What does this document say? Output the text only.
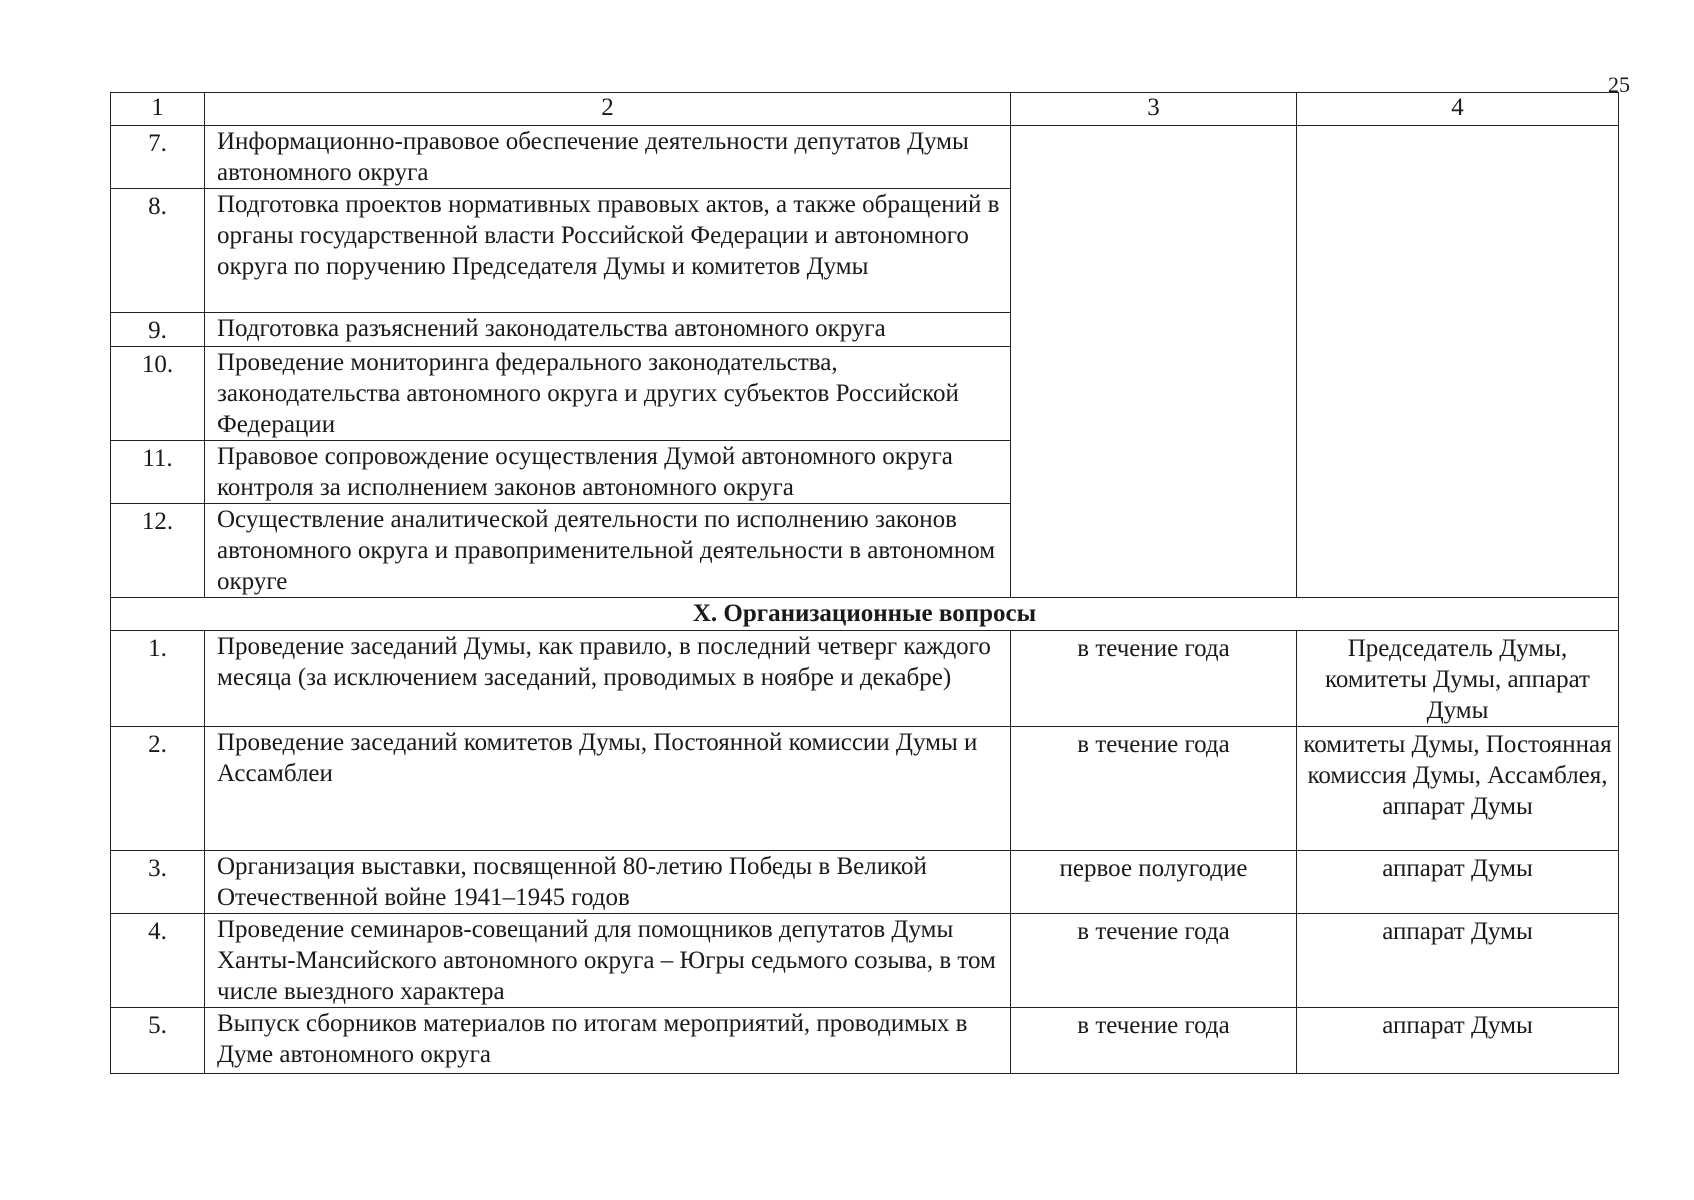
25
1	2	3	4
7.	Информационно-правовое обеспечение деятельности депутатов Думы автономного округа		
8.	Подготовка проектов нормативных правовых актов, а также обращений в органы государственной власти Российской Федерации и автономного округа по поручению Председателя Думы и комитетов Думы		
9.	Подготовка разъяснений законодательства автономного округа		
10.	Проведение мониторинга федерального законодательства, законодательства автономного округа и других субъектов Российской Федерации		
11.	Правовое сопровождение осуществления Думой автономного округа контроля за исполнением законов автономного округа		
12.	Осуществление аналитической деятельности по исполнению законов автономного округа и правоприменительной деятельности в автономном округе		
X. Организационные вопросы			
1.	Проведение заседаний Думы, как правило, в последний четверг каждого месяца (за исключением заседаний, проводимых в ноябре и декабре)	в течение года	Председатель Думы, комитеты Думы, аппарат Думы
2.	Проведение заседаний комитетов Думы, Постоянной комиссии Думы и Ассамблеи	в течение года	комитеты Думы, Постоянная комиссия Думы, Ассамблея, аппарат Думы
3.	Организация выставки, посвященной 80-летию Победы в Великой Отечественной войне 1941–1945 годов	первое полугодие	аппарат Думы
4.	Проведение семинаров-совещаний для помощников депутатов Думы Ханты-Мансийского автономного округа – Югры седьмого созыва, в том числе выездного характера	в течение года	аппарат Думы
5.	Выпуск сборников материалов по итогам мероприятий, проводимых в Думе автономного округа	в течение года	аппарат Думы
